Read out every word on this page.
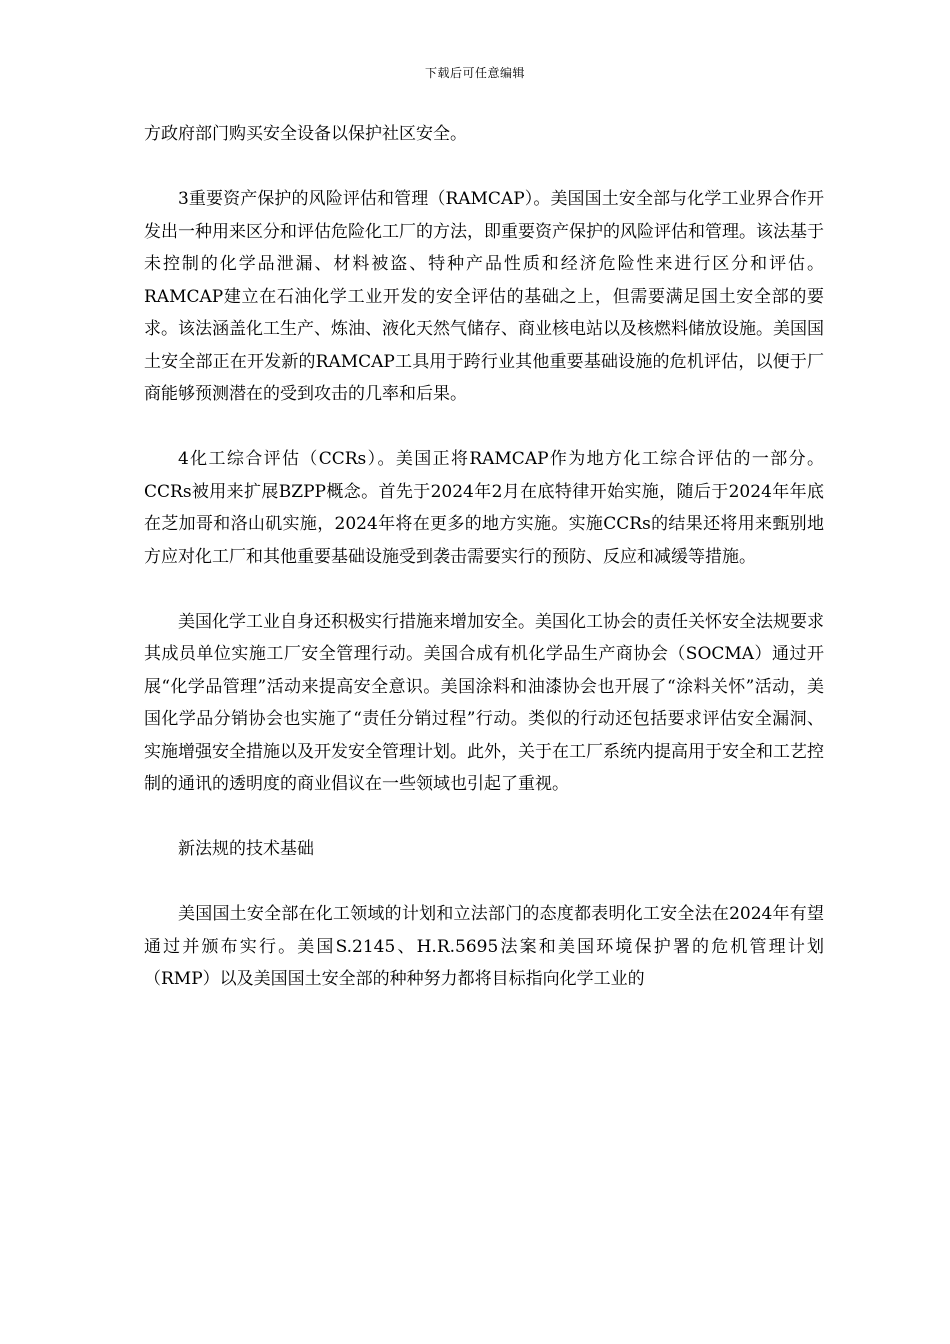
下载后可任意编辑

方政府部门购买安全设备以保护社区安全。

3重要资产保护的风险评估和管理（RAMCAP）。美国国土安全部与化学工业界合作开发出一种用来区分和评估危险化工厂的方法，即重要资产保护的风险评估和管理。该法基于未控制的化学品泄漏、材料被盗、特种产品性质和经济危险性来进行区分和评估。RAMCAP建立在石油化学工业开发的安全评估的基础之上，但需要满足国土安全部的要求。该法涵盖化工生产、炼油、液化天然气储存、商业核电站以及核燃料储放设施。美国国土安全部正在开发新的RAMCAP工具用于跨行业其他重要基础设施的危机评估，以便于厂商能够预测潜在的受到攻击的几率和后果。

4化工综合评估（CCRs）。美国正将RAMCAP作为地方化工综合评估的一部分。CCRs被用来扩展BZPP概念。首先于2024年2月在底特律开始实施，随后于2024年年底在芝加哥和洛山矶实施，2024年将在更多的地方实施。实施CCRs的结果还将用来甄别地方应对化工厂和其他重要基础设施受到袭击需要实行的预防、反应和减缓等措施。

美国化学工业自身还积极实行措施来增加安全。美国化工协会的责任关怀安全法规要求其成员单位实施工厂安全管理行动。美国合成有机化学品生产商协会（SOCMA）通过开展“化学品管理”活动来提高安全意识。美国涂料和油漆协会也开展了“涂料关怀”活动，美国化学品分销协会也实施了“责任分销过程”行动。类似的行动还包括要求评估安全漏洞、实施增强安全措施以及开发安全管理计划。此外，关于在工厂系统内提高用于安全和工艺控制的通讯的透明度的商业倡议在一些领域也引起了重视。

新法规的技术基础

美国国土安全部在化工领域的计划和立法部门的态度都表明化工安全法在2024年有望通过并颁布实行。美国S.2145、H.R.5695法案和美国环境保护署的危机管理计划（RMP）以及美国国土安全部的种种努力都将目标指向化学工业的
